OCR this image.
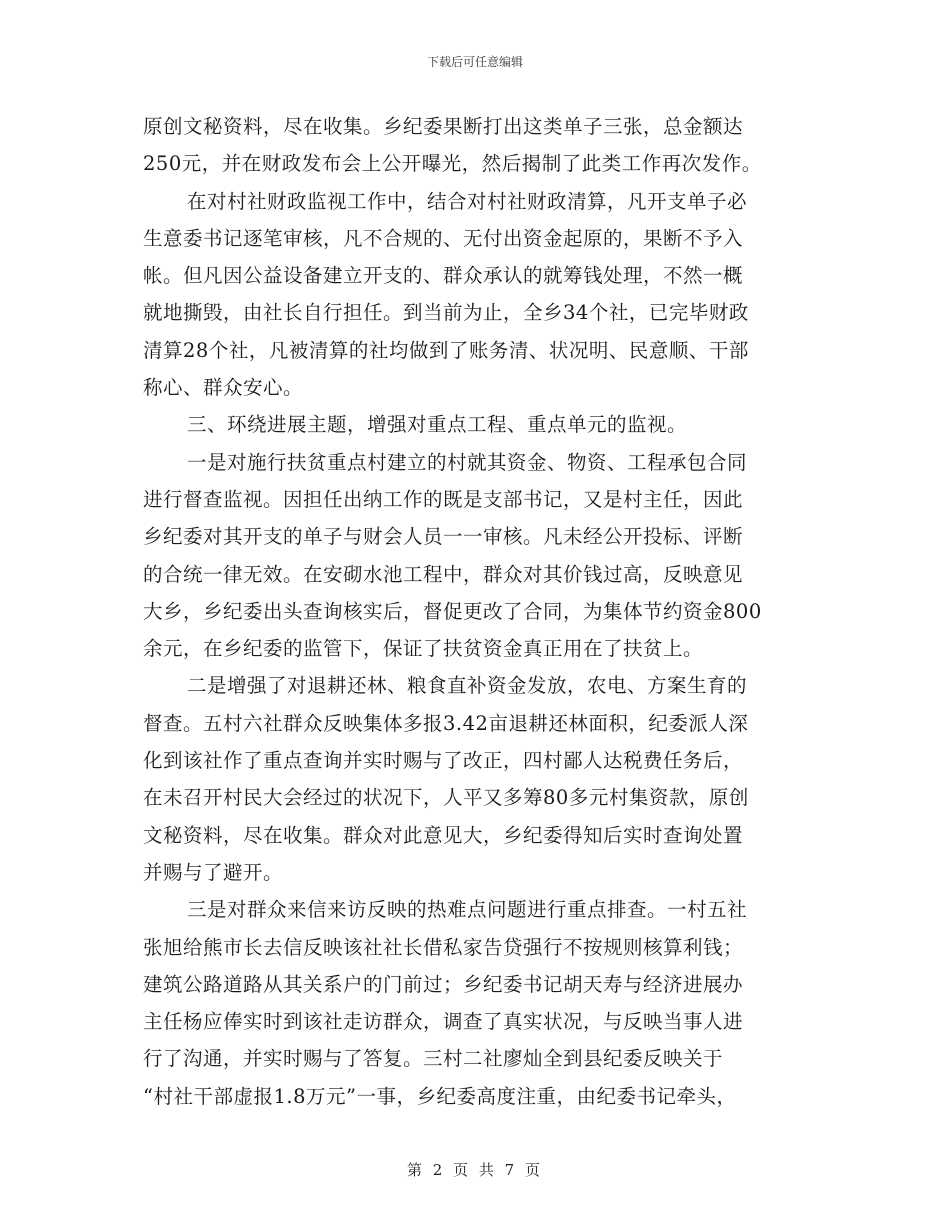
下载后可任意编辑
原创文秘资料，尽在收集。乡纪委果断打出这类单子三张，总金额达
250元，并在财政发布会上公开曝光，然后揭制了此类工作再次发作。
在对村社财政监视工作中，结合对村社财政清算，凡开支单子必
生意委书记逐笔审核，凡不合规的、无付出资金起原的，果断不予入
帐。但凡因公益设备建立开支的、群众承认的就筹钱处理，不然一概
就地撕毁，由社长自行担任。到当前为止，全乡34个社，已完毕财政
清算28个社，凡被清算的社均做到了账务清、状况明、民意顺、干部
称心、群众安心。
三、环绕进展主题，增强对重点工程、重点单元的监视。
一是对施行扶贫重点村建立的村就其资金、物资、工程承包合同
进行督查监视。因担任出纳工作的既是支部书记，又是村主任，因此
乡纪委对其开支的单子与财会人员一一审核。凡未经公开投标、评断
的合统一律无效。在安砌水池工程中，群众对其价钱过高，反映意见
大乡，乡纪委出头查询核实后，督促更改了合同，为集体节约资金800
余元，在乡纪委的监管下，保证了扶贫资金真正用在了扶贫上。
二是增强了对退耕还林、粮食直补资金发放，农电、方案生育的
督查。五村六社群众反映集体多报3.42亩退耕还林面积，纪委派人深
化到该社作了重点查询并实时赐与了改正，四村鄙人达税费任务后，
在未召开村民大会经过的状况下，人平又多筹80多元村集资款，原创
文秘资料，尽在收集。群众对此意见大，乡纪委得知后实时查询处置
并赐与了避开。
三是对群众来信来访反映的热难点问题进行重点排查。一村五社
张旭给熊市长去信反映该社社长借私家告贷强行不按规则核算利钱；
建筑公路道路从其关系户的门前过；乡纪委书记胡天寿与经济进展办
主任杨应俸实时到该社走访群众，调查了真实状况，与反映当事人进
行了沟通，并实时赐与了答复。三村二社廖灿全到县纪委反映关于
“村社干部虚报1.8万元”一事，乡纪委高度注重，由纪委书记牵头，
第 2 页 共 7 页
